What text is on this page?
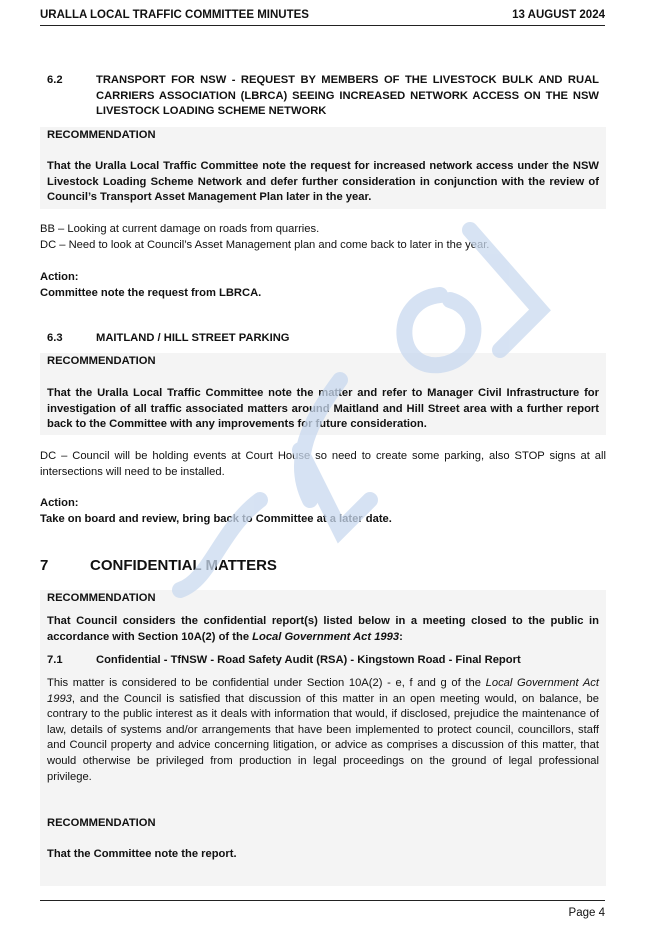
URALLA LOCAL TRAFFIC COMMITTEE MINUTES	13 AUGUST 2024
6.2	TRANSPORT FOR NSW - REQUEST BY MEMBERS OF THE LIVESTOCK BULK AND RUAL CARRIERS ASSOCIATION (LBRCA) SEEING INCREASED NETWORK ACCESS ON THE NSW LIVESTOCK LOADING SCHEME NETWORK
RECOMMENDATION
That the Uralla Local Traffic Committee note the request for increased network access under the NSW Livestock Loading Scheme Network and defer further consideration in conjunction with the review of Council’s Transport Asset Management Plan later in the year.
BB – Looking at current damage on roads from quarries.
DC – Need to look at Council’s Asset Management plan and come back to later in the year.
Action:
Committee note the request from LBRCA.
6.3	MAITLAND / HILL STREET PARKING
RECOMMENDATION
That the Uralla Local Traffic Committee note the matter and refer to Manager Civil Infrastructure for investigation of all traffic associated matters around Maitland and Hill Street area with a further report back to the Committee with any improvements for future consideration.
DC – Council will be holding events at Court House so need to create some parking, also STOP signs at all intersections will need to be installed.
Action:
Take on board and review, bring back to Committee at a later date.
7	CONFIDENTIAL MATTERS
RECOMMENDATION
That Council considers the confidential report(s) listed below in a meeting closed to the public in accordance with Section 10A(2) of the Local Government Act 1993:
7.1	Confidential - TfNSW - Road Safety Audit (RSA) - Kingstown Road - Final Report
This matter is considered to be confidential under Section 10A(2) - e, f and g of the Local Government Act 1993, and the Council is satisfied that discussion of this matter in an open meeting would, on balance, be contrary to the public interest as it deals with information that would, if disclosed, prejudice the maintenance of law, details of systems and/or arrangements that have been implemented to protect council, councillors, staff and Council property and advice concerning litigation, or advice as comprises a discussion of this matter, that would otherwise be privileged from production in legal proceedings on the ground of legal professional privilege.
RECOMMENDATION
That the Committee note the report.
Page 4
